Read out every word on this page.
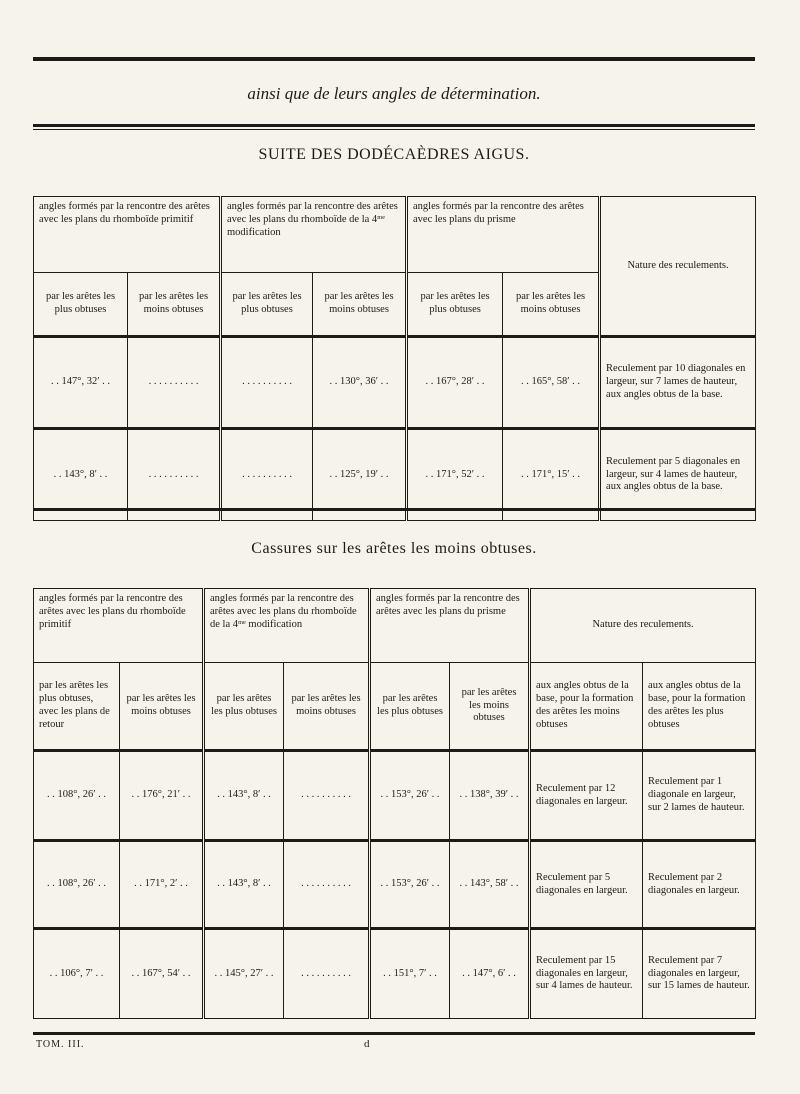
ainsi que de leurs angles de détermination.
SUITE DES DODÉCAÈDRES AIGUS.
angles formés par la rencontre des arêtes avec les plans du rhomboïde primitif		angles formés par la rencontre des arêtes avec les plans du rhomboïde de la 4ᵐᵉ modification		angles formés par la rencontre des arêtes avec les plans du prisme		Nature des reculements.
par les arêtes les plus obtuses	par les arêtes les moins obtuses	par les arêtes les plus obtuses	par les arêtes les moins obtuses	par les arêtes les plus obtuses	par les arêtes les moins obtuses	
. . 147°, 32′ . .	. . . . . . . . . .	. . . . . . . . . .	. . 130°, 36′ . .	. . 167°, 28′ . .	. . 165°, 58′ . .	Reculement par 10 diagonales en largeur, sur 7 lames de hauteur, aux angles obtus de la base.
. . 143°, 8′ . .	. . . . . . . . . .	. . . . . . . . . .	. . 125°, 19′ . .	. . 171°, 52′ . .	. . 171°, 15′ . .	Reculement par 5 diagonales en largeur, sur 4 lames de hauteur, aux angles obtus de la base.
Cassures sur les arêtes les moins obtuses.
angles formés par la rencontre des arêtes avec les plans du rhomboïde primitif		angles formés par la rencontre des arêtes avec les plans du rhomboïde de la 4ᵐᵉ modification		angles formés par la rencontre des arêtes avec les plans du prisme		Nature des reculements.	
par les arêtes les plus obtuses, avec les plans de retour	par les arêtes les moins obtuses	par les arêtes les plus obtuses	par les arêtes les moins obtuses	par les arêtes les plus obtuses	par les arêtes les moins obtuses	aux angles obtus de la base, pour la formation des arêtes les moins obtuses	aux angles obtus de la base, pour la formation des arêtes les plus obtuses
. . 108°, 26′ . .	. . 176°, 21′ . .	. . 143°, 8′ . .	. . . . . . . . . .	. . 153°, 26′ . .	. . 138°, 39′ . .	Reculement par 12 diagonales en largeur.	Reculement par 1 diagonale en largeur, sur 2 lames de hauteur.
. . 108°, 26′ . .	. . 171°, 2′ . .	. . 143°, 8′ . .	. . . . . . . . . .	. . 153°, 26′ . .	. . 143°, 58′ . .	Reculement par 5 diagonales en largeur.	Reculement par 2 diagonales en largeur.
. . 106°, 7′ . .	. . 167°, 54′ . .	. . 145°, 27′ . .	. . . . . . . . . .	. . 151°, 7′ . .	. . 147°, 6′ . .	Reculement par 15 diagonales en largeur, sur 4 lames de hauteur.	Reculement par 7 diagonales en largeur, sur 15 lames de hauteur.
TOM. III.	d
